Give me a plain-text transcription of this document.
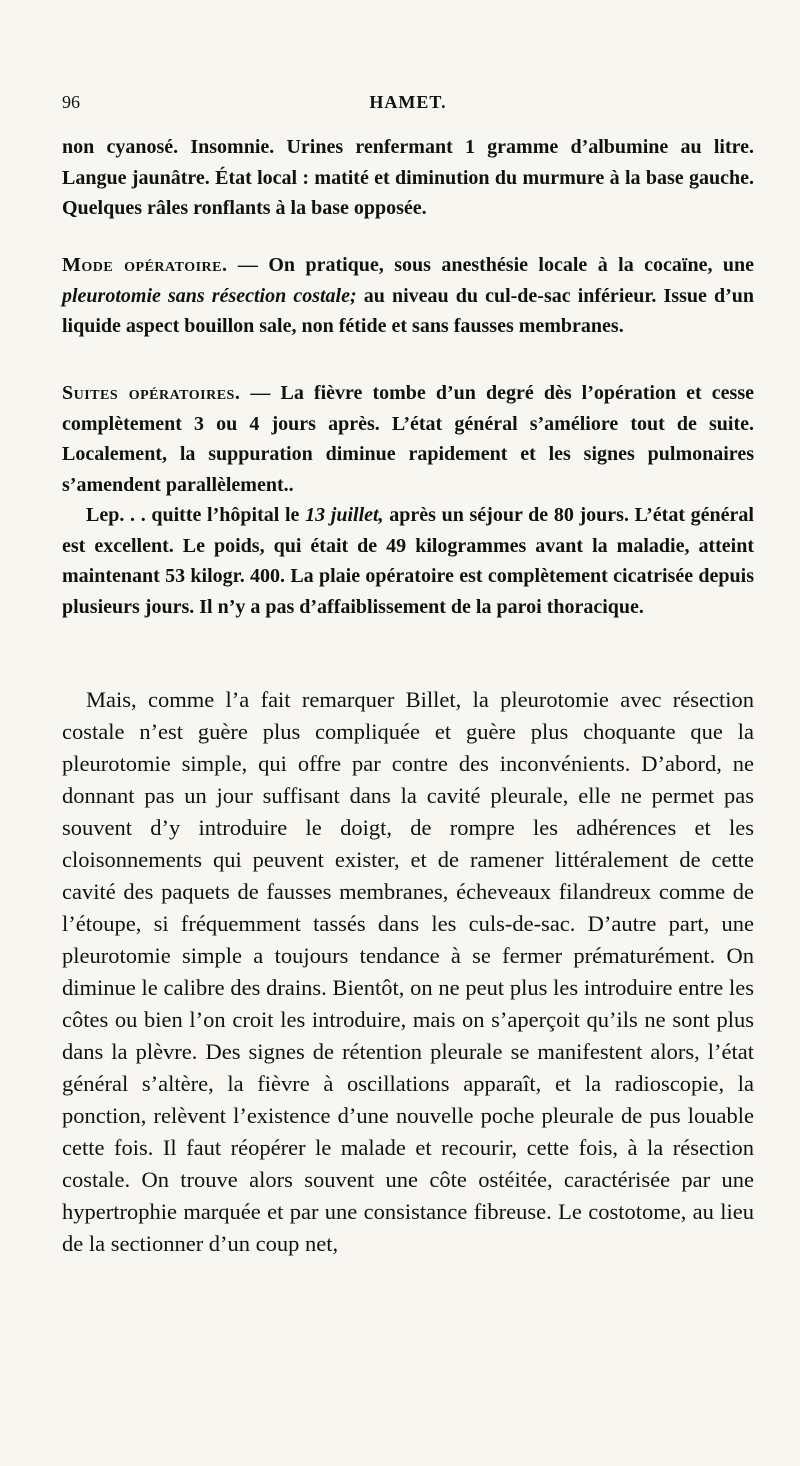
96	HAMET.

non cyanosé. Insomnie. Urines renfermant 1 gramme d’albumine au litre. Langue jaunâtre. État local : matité et diminution du murmure à la base gauche. Quelques râles ronflants à la base opposée.

Mode opératoire. — On pratique, sous anesthésie locale à la cocaïne, une pleurotomie sans résection costale; au niveau du cul-de-sac inférieur. Issue d’un liquide aspect bouillon sale, non fétide et sans fausses membranes.

Suites opératoires. — La fièvre tombe d’un degré dès l’opération et cesse complètement 3 ou 4 jours après. L’état général s’améliore tout de suite. Localement, la suppuration diminue rapidement et les signes pulmonaires s’amendent parallèlement..

Lep. . . quitte l’hôpital le 13 juillet, après un séjour de 80 jours. L’état général est excellent. Le poids, qui était de 49 kilogrammes avant la maladie, atteint maintenant 53 kilogr. 400. La plaie opératoire est complètement cicatrisée depuis plusieurs jours. Il n’y a pas d’affaiblissement de la paroi thoracique.

Mais, comme l’a fait remarquer Billet, la pleurotomie avec résection costale n’est guère plus compliquée et guère plus choquante que la pleurotomie simple, qui offre par contre des inconvénients. D’abord, ne donnant pas un jour suffisant dans la cavité pleurale, elle ne permet pas souvent d’y introduire le doigt, de rompre les adhérences et les cloisonnements qui peuvent exister, et de ramener littéralement de cette cavité des paquets de fausses membranes, écheveaux filandreux comme de l’étoupe, si fréquemment tassés dans les culs-de-sac. D’autre part, une pleurotomie simple a toujours tendance à se fermer prématurément. On diminue le calibre des drains. Bientôt, on ne peut plus les introduire entre les côtes ou bien l’on croit les introduire, mais on s’aperçoit qu’ils ne sont plus dans la plèvre. Des signes de rétention pleurale se manifestent alors, l’état général s’altère, la fièvre à oscillations apparaît, et la radioscopie, la ponction, relèvent l’existence d’une nouvelle poche pleurale de pus louable cette fois. Il faut réopérer le malade et recourir, cette fois, à la résection costale. On trouve alors souvent une côte ostéitée, caractérisée par une hypertrophie marquée et par une consistance fibreuse. Le costotome, au lieu de la sectionner d’un coup net,
